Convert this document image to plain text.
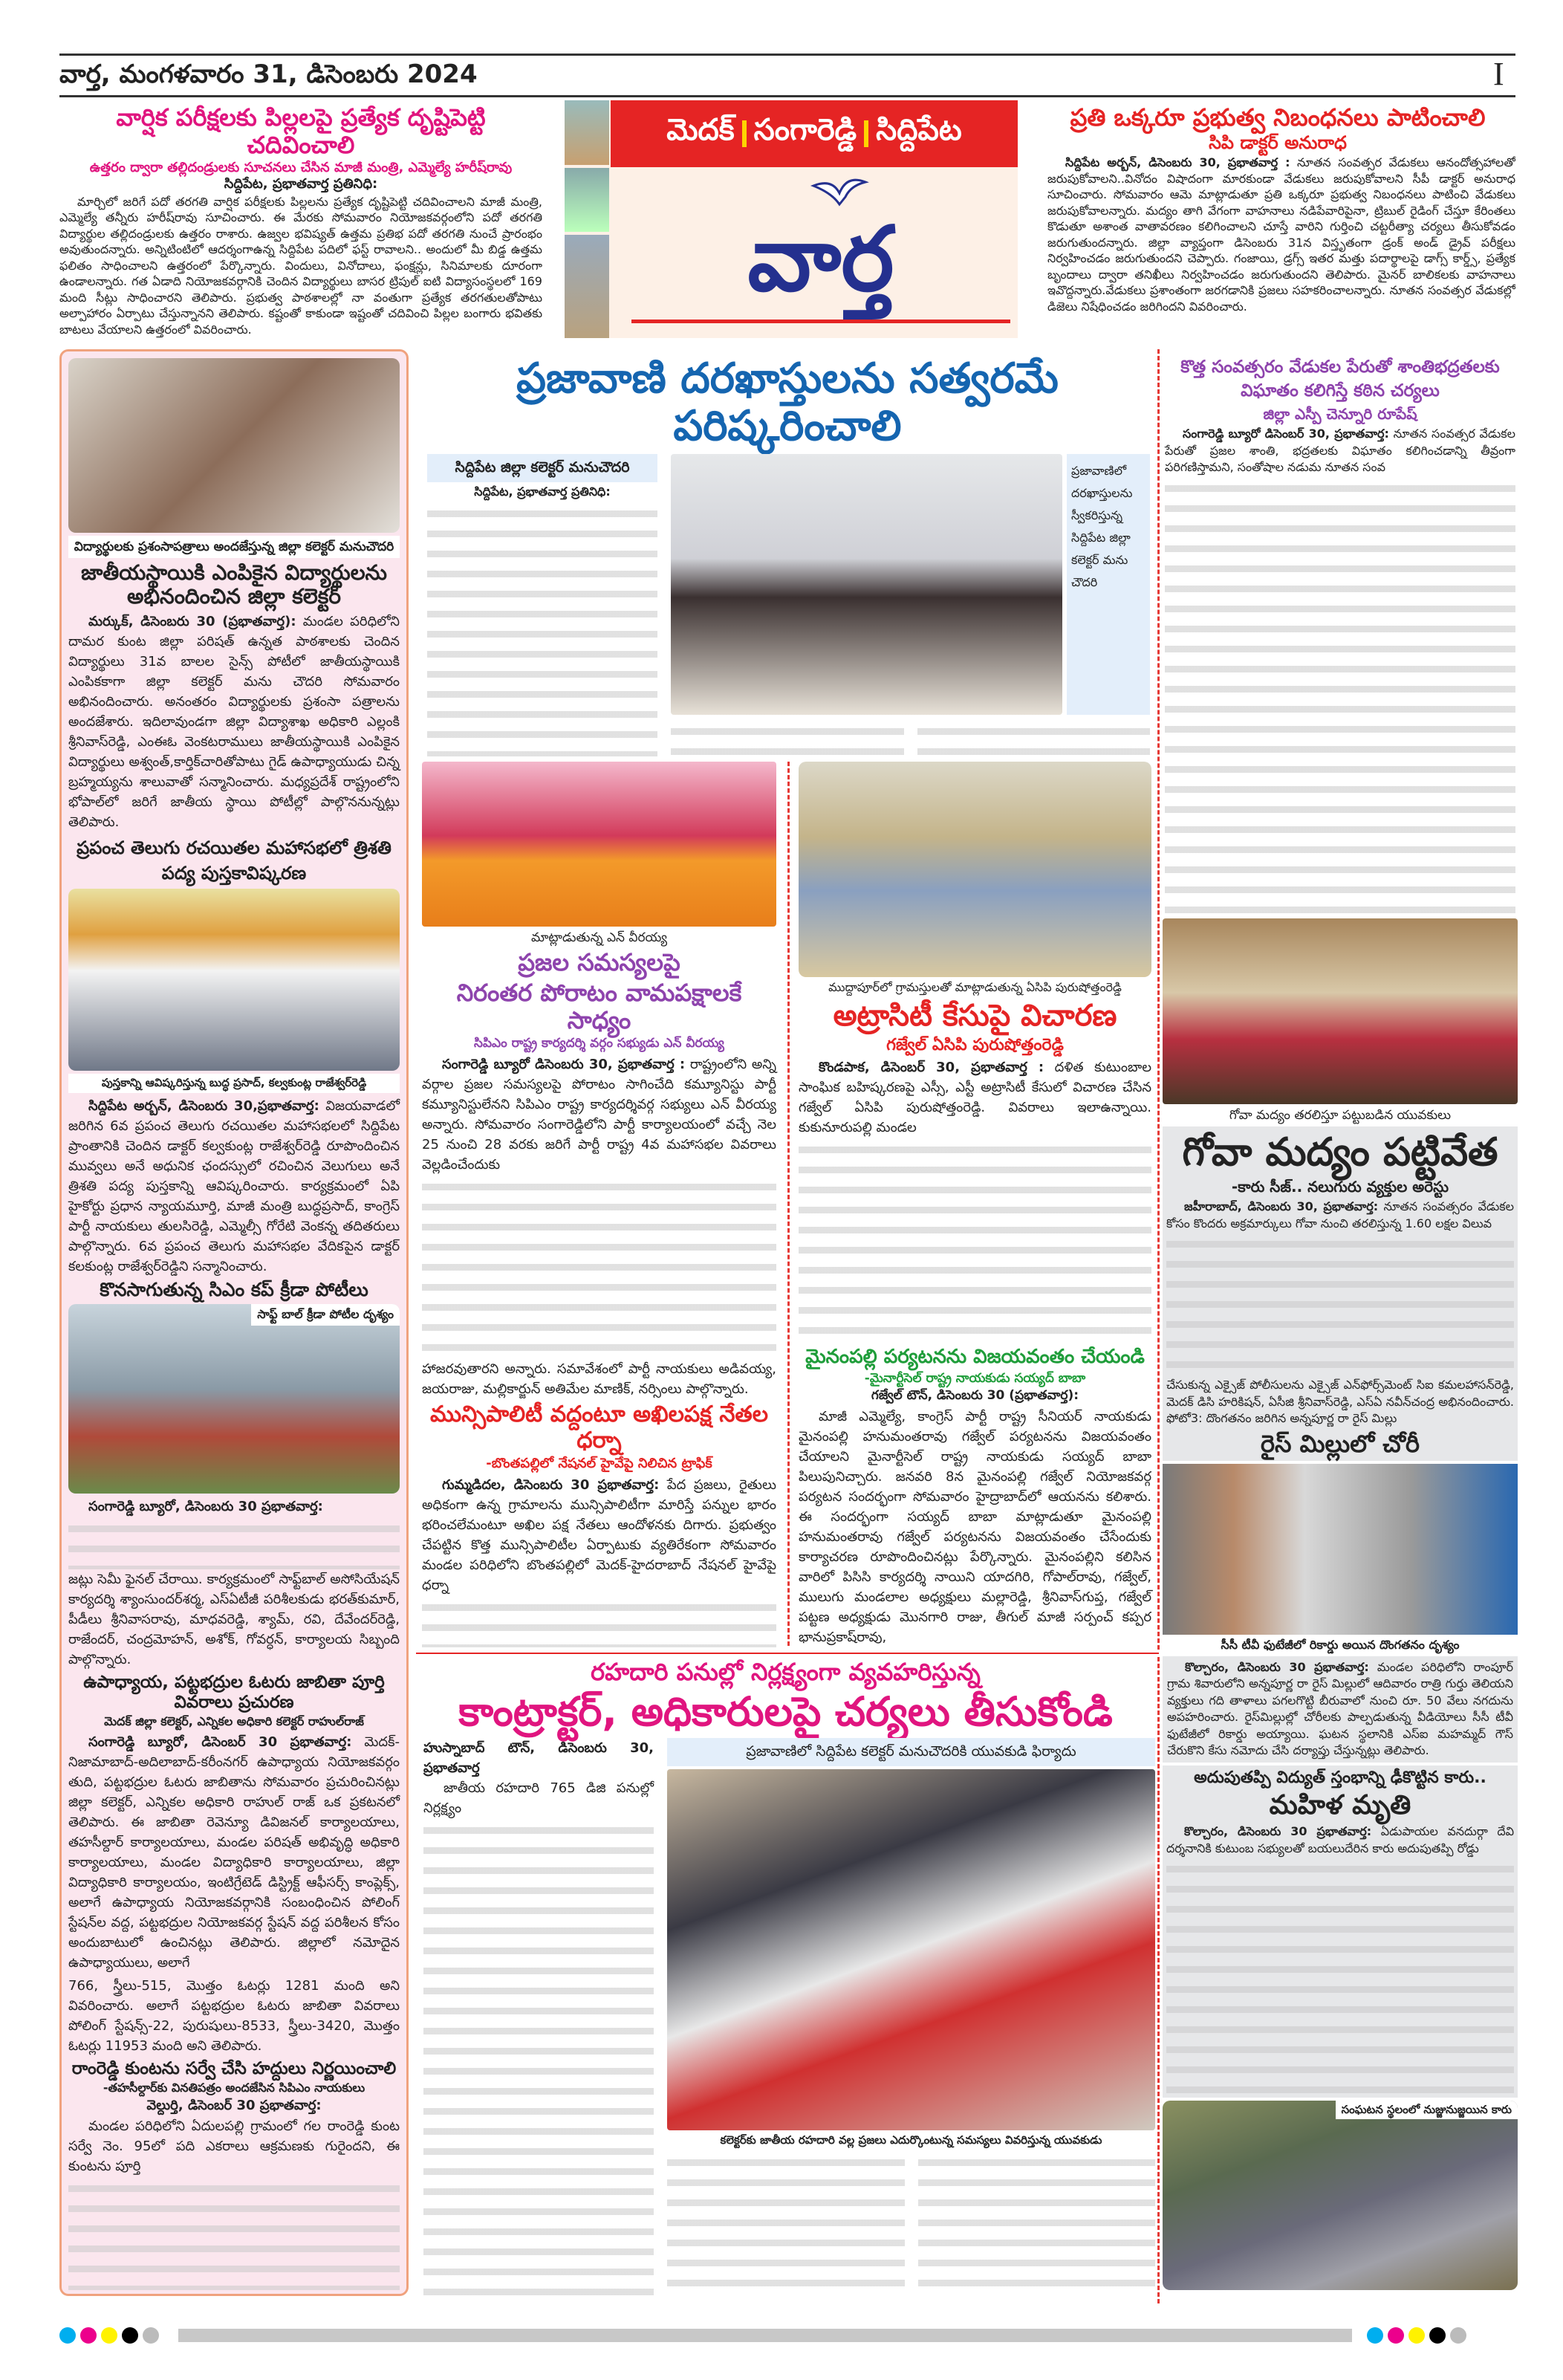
వార్త, మంగళవారం 31, డిసెంబరు 2024	I
వార్షిక పరీక్షలకు పిల్లలపై ప్రత్యేక దృష్టిపెట్టి చదివించాలి
ఉత్తరం ద్వారా తల్లిదండ్రులకు సూచనలు చేసిన మాజీ మంత్రి, ఎమ్మెల్యే హరీష్‌రావు
సిద్దిపేట, ప్రభాతవార్త ప్రతినిధి:

మార్చిలో జరిగే పదో తరగతి వార్షిక పరీక్షలకు పిల్లలను ప్రత్యేక దృష్టిపెట్టి చదివించాలని మాజీ మంత్రి, ఎమ్మెల్యే తన్నీరు హరీష్‌రావు సూచించారు. ఈ మేరకు సోమవారం నియోజకవర్గంలోని పదో తరగతి విద్యార్థుల తల్లిదండ్రులకు ఉత్తరం రాశారు. ఉజ్వల భవిష్యత్ ఉత్తమ ప్రతిభ పదో తరగతి నుంచే ప్రారంభం అవుతుందన్నారు. అన్నిటింటిలో ఆదర్శంగాఉన్న సిద్దిపేట పదిలో ఫస్ట్ రావాలని.. అందులో మీ బిడ్డ ఉత్తమ ఫలితం సాధించాలని ఉత్తరంలో పేర్కొన్నారు. విందులు, వినోదాలు, ఫంక్షన్లు, సినిమాలకు దూరంగా ఉండాలన్నారు. గత ఏడాది నియోజకవర్గానికి చెందిన విద్యార్థులు బాసర ట్రిపుల్ ఐటి విద్యాసంస్థలలో 169 మంది సీట్లు సాధించారని తెలిపారు. ప్రభుత్వ పాఠశాలల్లో నా వంతుగా ప్రత్యేక తరగతులతోపాటు అల్పాహారం ఏర్పాటు చేస్తున్నానని తెలిపారు. కష్టంతో కాకుండా ఇష్టంతో చదివించి పిల్లల బంగారు భవితకు బాటలు వేయాలని ఉత్తరంలో వివరించారు.

మెదక్ సంగారెడ్డి సిద్దిపేట
వార్త
ప్రతి ఒక్కరూ ప్రభుత్వ నిబంధనలు పాటించాలి
సిపి డాక్టర్ అనురాధ

సిద్దిపేట అర్బన్, డిసెంబరు 30, ప్రభాతవార్త : నూతన సంవత్సర వేడుకలు ఆనందోత్సహాలతో జరుపుకోవాలని..వినోదం విషాదంగా మారకుండా వేడుకలు జరుపుకోవాలని సీపీ డాక్టర్ అనురాధ సూచించారు. సోమవారం ఆమె మాట్లాడుతూ ప్రతి ఒక్కరూ ప్రభుత్వ నిబంధనలు పాటించి వేడుకలు జరుపుకోవాలన్నారు. మద్యం తాగి వేగంగా వాహనాలు నడిపేవారిపైనా, ట్రిబుల్ రైడింగ్ చేస్తూ కేరింతలు కొడుతూ అశాంత వాతావరణం కలిగించాలని చూస్తే వారిని గుర్తించి చట్టరీత్యా చర్యలు తీసుకోవడం జరుగుతుందన్నారు. జిల్లా వ్యాప్తంగా డిసెంబరు 31న విస్తృతంగా డ్రంక్ అండ్ డ్రైవ్ పరీక్షలు నిర్వహించడం జరుగుతుందని చెప్పారు. గంజాయి, డ్రగ్స్ ఇతర మత్తు పదార్థాలపై డాగ్స్ కార్డ్స్, ప్రత్యేక బృందాలు ద్వారా తనిఖీలు నిర్వహించడం జరుగుతుందని తెలిపారు. మైనర్ బాలికలకు వాహనాలు ఇవొద్దన్నారు.వేడుకలు ప్రశాంతంగా జరగడానికి ప్రజలు సహకరించాలన్నారు. నూతన సంవత్సర వేడుకల్లో డిజెలు నిషేధించడం జరిగిందని వివరించారు.

విద్యార్థులకు ప్రశంసాపత్రాలు అందజేస్తున్న జిల్లా కలెక్టర్ మనుచౌదరి
జాతీయస్థాయికి ఎంపికైన విద్యార్థులను అభినందించిన జిల్లా కలెక్టర్

మర్కుక్, డిసెంబరు 30 (ప్రభాతవార్త): మండల పరిధిలోని దామర కుంట జిల్లా పరిషత్ ఉన్నత పాఠశాలకు చెందిన విద్యార్థులు 31వ బాలల సైన్స్ పోటీలో జాతీయస్థాయికి ఎంపికకాగా జిల్లా కలెక్టర్ మను చౌదరి సోమవారం అభినందించారు. అనంతరం విద్యార్థులకు ప్రశంసా పత్రాలను అందజేశారు. ఇదిలావుండగా జిల్లా విద్యాశాఖ అధికారి ఎల్లంకి శ్రీనివాస్‌రెడ్డి, ఎంఈఓ వెంకటరాములు జాతీయస్థాయికి ఎంపికైన విద్యార్థులు అశ్వంత్,కార్తిక్‌చారితోపాటు గైడ్ ఉపాధ్యాయుడు చిన్న బ్రహ్మయ్యను శాలువాతో సన్మానించారు. మధ్యప్రదేశ్ రాష్ట్రంలోని భోపాల్‌లో జరిగే జాతీయ స్థాయి పోటీల్లో పాల్గొననున్నట్లు తెలిపారు.

ప్రపంచ తెలుగు రచయితల మహాసభలో త్రిశతి పద్య పుస్తకావిష్కరణ
పుస్తకాన్ని ఆవిష్కరిస్తున్న బుద్ధ ప్రసాద్, కల్వకుంట్ల రాజేశ్వర్‌రెడ్డి

సిద్దిపేట అర్బన్, డిసెంబరు 30,ప్రభాతవార్త: విజయవాడలో జరిగిన 6వ ప్రపంచ తెలుగు రచయితల మహాసభలలో సిద్దిపేట ప్రాంతానికి చెందిన డాక్టర్ కల్వకుంట్ల రాజేశ్వర్‌రెడ్డి రూపొందించిన మువ్వలు అనే అధునిక ఛందస్సులో రచించిన వెలుగులు అనే త్రిశతి పద్య పుస్తకాన్ని ఆవిష్కరించారు. కార్యక్రమంలో ఏపి హైకోర్టు ప్రధాన న్యాయమూర్తి, మాజీ మంత్రి బుద్ధప్రసాద్, కాంగ్రెస్ పార్టీ నాయకులు తులసిరెడ్డి, ఎమ్మెల్సీ గోరేటి వెంకన్న తదితరులు పాల్గొన్నారు. 6వ ప్రపంచ తెలుగు మహాసభల వేదికపైన డాక్టర్ కలకుంట్ల రాజేశ్వర్‌రెడ్డిని సన్మానించారు.

కొనసాగుతున్న సిఎం కప్ క్రీడా పోటీలు
సాఫ్ట్ బాల్ క్రీడా పోటీల దృశ్యం

సంగారెడ్డి బ్యూరో, డిసెంబరు 30 ప్రభాతవార్త:

జట్లు సెమీ ఫైనల్ చేరాయి. కార్యక్రమంలో సాఫ్ట్‌బాల్ అసోసియేషన్ కార్యదర్శి శ్యాంసుందర్‌శర్మ, ఎస్‌ఏటీజీ పరిశీలకుడు భరత్‌కుమార్, పీడీలు శ్రీనివాసరావు, మాధవరెడ్డి, శ్యామ్, రవి, దేవేందర్‌రెడ్డి, రాజేందర్, చంద్రమోహన్, అశోక్, గోవర్ధన్, కార్యాలయ సిబ్బంది పాల్గొన్నారు.

ఉపాధ్యాయ, పట్టభద్రుల ఓటరు జాబితా పూర్తి వివరాలు ప్రచురణ
మెదక్ జిల్లా కలెక్టర్, ఎన్నికల అధికారి కలెక్టర్ రాహుల్‌రాజ్

సంగారెడ్డి బ్యూరో, డిసెంబర్ 30 ప్రభాతవార్త: మెదక్-నిజామాబాద్-అదిలాబాద్-కరీంనగర్ ఉపాధ్యాయ నియోజకవర్గం తుది, పట్టభద్రుల ఓటరు జాబితాను సోమవారం ప్రచురించినట్లు జిల్లా కలెక్టర్, ఎన్నికల అధికారి రాహుల్ రాజ్ ఒక ప్రకటనలో తెలిపారు. ఈ జాబితా రెవెన్యూ డివిజనల్ కార్యాలయాలు, తహసీల్దార్ కార్యాలయాలు, మండల పరిషత్ అభివృద్ధి అధికారి కార్యాలయాలు, మండల విద్యాధికారి కార్యాలయాలు, జిల్లా విద్యాధికారి కార్యాలయం, ఇంటిగ్రేటెడ్ డిస్ట్రిక్ట్ ఆఫీసర్స్ కాంప్లెక్స్, అలాగే ఉపాధ్యాయ నియోజకవర్గానికి సంబంధించిన పోలింగ్ స్టేషన్‌ల వద్ద, పట్టభద్రుల నియోజకవర్గ స్టేషన్ వద్ద పరిశీలన కోసం అందుబాటులో ఉంచినట్లు తెలిపారు. జిల్లాలో నమోదైన ఉపాధ్యాయులు, అలాగే

766, స్త్రీలు-515, మొత్తం ఓటర్లు 1281 మంది అని వివరించారు. అలాగే పట్టభద్రుల ఓటరు జాబితా వివరాలు పోలింగ్ స్టేషన్స్-22, పురుషులు-8533, స్త్రీలు-3420, మొత్తం ఓటర్లు 11953 మంది అని తెలిపారు.

రాంరెడ్డి కుంటను సర్వే చేసి హద్దులు నిర్ణయించాలి
-తహసీల్దార్‌కు వినతిపత్రం అందజేసిన సిపిఎం నాయకులు
వెల్దుర్తి, డిసెంబర్ 30 ప్రభాతవార్త:

మండల పరిధిలోని ఏదులపల్లి గ్రామంలో గల రాంరెడ్డి కుంట సర్వే నెం. 95లో పది ఎకరాలు ఆక్రమణకు గురైందని, ఈ కుంటను పూర్తి

ప్రజావాణి దరఖాస్తులను సత్వరమే పరిష్కరించాలి
సిద్దిపేట జిల్లా కలెక్టర్ మనుచౌదరి
సిద్దిపేట, ప్రభాతవార్త ప్రతినిధి:
ప్రజావాణిలో దరఖాస్తులను స్వీకరిస్తున్న సిద్దిపేట జిల్లా కలెక్టర్ మను చౌదరి
మాట్లాడుతున్న ఎన్ వీరయ్య
ప్రజల సమస్యలపై
నిరంతర పోరాటం వామపక్షాలకే సాధ్యం
సిపిఎం రాష్ట్ర కార్యదర్శి వర్గం సభ్యుడు ఎన్ వీరయ్య

సంగారెడ్డి బ్యూరో డిసెంబరు 30, ప్రభాతవార్త : రాష్ట్రంలోని అన్ని వర్గాల ప్రజల సమస్యలపై పోరాటం సాగించేది కమ్యూనిస్టు పార్టీ కమ్యూనిస్టులేనని సిపిఎం రాష్ట్ర కార్యదర్శివర్గ సభ్యులు ఎన్ వీరయ్య అన్నారు. సోమవారం సంగారెడ్డిలోని పార్టీ కార్యాలయంలో వచ్చే నెల 25 నుంచి 28 వరకు జరిగే పార్టీ రాష్ట్ర 4వ మహాసభల వివరాలు వెల్లడించేందుకు

హాజరవుతారని అన్నారు. సమావేశంలో పార్టీ నాయకులు అడివయ్య, జయరాజు, మల్లికార్జున్ అతిమేల మాణిక్, నర్సింలు పాల్గొన్నారు.

మున్సిపాలిటీ వద్దంటూ అఖిలపక్ష నేతల ధర్నా
-బొంతపల్లిలో నేషనల్ హైవేపై నిలిచిన ట్రాఫిక్

గుమ్మడిదల, డిసెంబరు 30 ప్రభాతవార్త: పేద ప్రజలు, రైతులు అధికంగా ఉన్న గ్రామాలను మున్సిపాలిటీగా మారిస్తే పన్నుల భారం భరించలేమంటూ అఖిల పక్ష నేతలు ఆందోళనకు దిగారు. ప్రభుత్వం చేపట్టిన కొత్త మున్సిపాలిటీల ఏర్పాటుకు వ్యతిరేకంగా సోమవారం మండల పరిధిలోని బొంతపల్లిలో మెదక్-హైదరాబాద్ నేషనల్ హైవేపై ధర్నా

ముద్దాపూర్‌లో గ్రామస్తులతో మాట్లాడుతున్న ఏసిపి పురుషోత్తంరెడ్డి
అట్రాసిటీ కేసుపై విచారణ
గజ్వేల్ ఏసిపి పురుషోత్తంరెడ్డి

కొండపాక, డిసెంబర్ 30, ప్రభాతవార్త : దళిత కుటుంబాల సాంఘిక బహిష్కరణపై ఎస్సీ, ఎస్టీ అట్రాసిటీ కేసులో విచారణ చేసిన గజ్వేల్ ఏసిపి పురుషోత్తంరెడ్డి. వివరాలు ఇలాఉన్నాయి. కుకునూరుపల్లి మండల

మైనంపల్లి పర్యటనను విజయవంతం చేయండి
-మైనార్టీసెల్ రాష్ట్ర నాయకుడు సయ్యద్ బాబా
గజ్వేల్ టౌన్, డిసెంబరు 30 (ప్రభాతవార్త):

మాజీ ఎమ్మెల్యే, కాంగ్రెస్ పార్టీ రాష్ట్ర సీనియర్ నాయకుడు మైనంపల్లి హనుమంతరావు గజ్వేల్ పర్యటనను విజయవంతం చేయాలని మైనార్టీసెల్ రాష్ట్ర నాయకుడు సయ్యద్ బాబా పిలుపునిచ్చారు. జనవరి 8న మైనంపల్లి గజ్వేల్ నియోజకవర్గ పర్యటన సందర్భంగా సోమవారం హైద్రాబాద్‌లో ఆయనను కలిశారు. ఈ సందర్భంగా సయ్యద్ బాబా మాట్లాడుతూ మైనంపల్లి హనుమంతరావు గజ్వేల్ పర్యటనను విజయవంతం చేసేందుకు కార్యాచరణ రూపొందించినట్లు పేర్కొన్నారు. మైనంపల్లిని కలిసిన వారిలో పిసిసి కార్యదర్శి నాయిని యాదగిరి, గోపాల్‌రావు, గజ్వేల్, ములుగు మండలాల అధ్యక్షులు మల్లారెడ్డి, శ్రీనివాస్‌గుప్త, గజ్వేల్ పట్టణ అధ్యక్షుడు మొనగారి రాజు, తీగుల్ మాజీ సర్పంచ్ కప్పర భానుప్రకాష్‌రావు,

రహదారి పనుల్లో నిర్లక్ష్యంగా వ్యవహరిస్తున్న
కాంట్రాక్టర్, అధికారులపై చర్యలు తీసుకోండి

హుస్నాబాద్ టౌన్, డిసెంబరు 30, ప్రభాతవార్త

జాతీయ రహదారి 765 డిజి పనుల్లో నిర్లక్ష్యం

ప్రజావాణిలో సిద్దిపేట కలెక్టర్ మనుచౌదరికి యువకుడి ఫిర్యాదు
కలెక్టర్‌కు జాతీయ రహదారి వల్ల ప్రజలు ఎదుర్కొంటున్న సమస్యలు వివరిస్తున్న యువకుడు
కొత్త సంవత్సరం వేడుకల పేరుతో శాంతిభద్రతలకు విఘాతం కలిగిస్తే కఠిన చర్యలు
జిల్లా ఎస్పీ చెన్నూరి రూపేష్

సంగారెడ్డి బ్యూరో డిసెంబర్ 30, ప్రభాతవార్త: నూతన సంవత్సర వేడుకల పేరుతో ప్రజల శాంతి, భద్రతలకు విఘాతం కలిగించడాన్ని తీవ్రంగా పరిగణిస్తామని, సంతోషాల నడుమ నూతన సంవ

గోవా మద్యం తరలిస్తూ పట్టుబడిన యువకులు
గోవా మద్యం పట్టివేత
-కారు సీజ్.. నలుగురు వ్యక్తుల అరెస్టు

జహీరాబాద్, డిసెంబరు 30, ప్రభాతవార్త: నూతన సంవత్సరం వేడుకల కోసం కొందరు అక్రమార్కులు గోవా నుంచి తరలిస్తున్న 1.60 లక్షల విలువ

చేసుకున్న ఎక్సైజ్ పోలీసులను ఎక్సైజ్ ఎన్‌ఫోర్స్‌మెంట్ సిఐ కమలహాసన్‌రెడ్డి, మెదక్ డిసి హరికిషన్, ఏసీజి శ్రీనివాస్‌రెడ్డి, ఎస్‌ఏ నవీన్‌చంద్ర అభినందించారు. ఫోటో3: దొంగతనం జరిగిన అన్నపూర్ణ రా రైస్ మిల్లు

రైస్ మిల్లులో చోరీ
సీసీ టీవీ ఫుటేజీలో రికార్డు అయిన దొంగతనం దృశ్యం

కొల్చారం, డిసెంబరు 30 ప్రభాతవార్త: మండల పరిధిలోని రాంపూర్ గ్రామ శివారులోని అన్నపూర్ణ రా రైస్ మిల్లులో ఆదివారం రాత్రి గుర్తు తెలియని వ్యక్తులు గది తాళాలు పగలగొట్టి బీరువాలో నుంచి రూ. 50 వేలు నగదును అపహరించారు. రైస్‌మిల్లుల్లో చోరీలకు పాల్పడుతున్న వీడియోలు సీసీ టీవీ ఫుటేజీలో రికార్డు అయ్యాయి. ఘటన స్థలానికి ఎస్‌ఐ మహమ్మద్ గౌస్ చేరుకొని కేసు నమోదు చేసి దర్యాప్తు చేస్తున్నట్లు తెలిపారు.

అదుపుతప్పి విద్యుత్ స్తంభాన్ని ఢీకొట్టిన కారు..
మహిళ మృతి

కొల్చారం, డిసెంబరు 30 ప్రభాతవార్త: ఏడుపాయల వనదుర్గా దేవి దర్శనానికి కుటుంబ సభ్యులతో బయలుదేరిన కారు అదుపుతప్పి రోడ్డు

సంఘటన స్థలంలో నుజ్జునుజ్జయిన కారు
